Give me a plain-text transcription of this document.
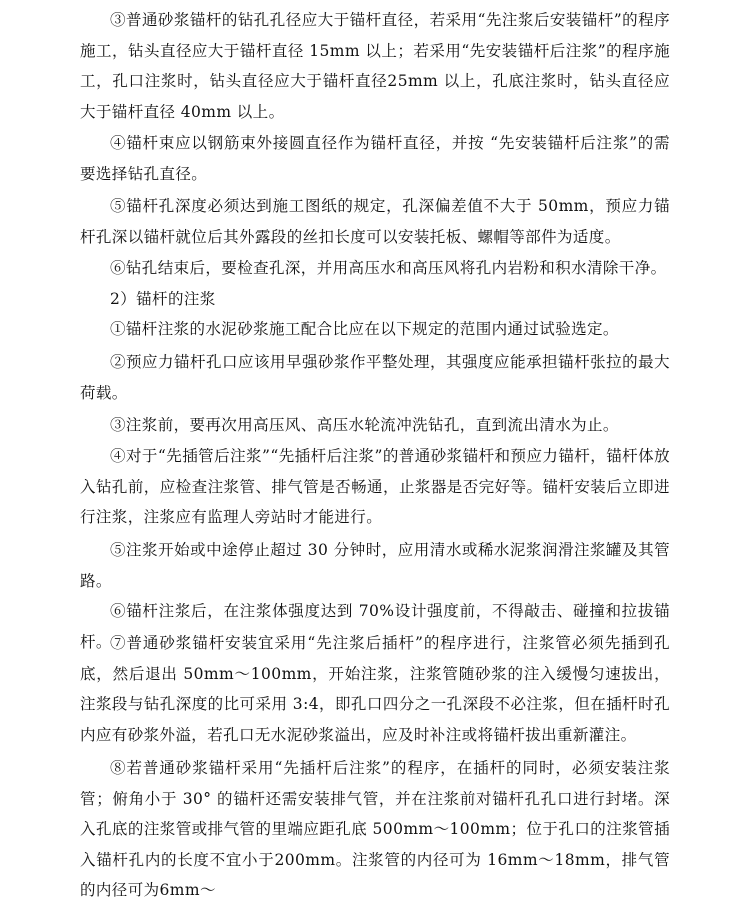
③普通砂浆锚杆的钻孔孔径应大于锚杆直径，若采用“先注浆后安装锚杆”的程序施工，钻头直径应大于锚杆直径 15mm 以上；若采用“先安装锚杆后注浆”的程序施工，孔口注浆时，钻头直径应大于锚杆直径25mm 以上，孔底注浆时，钻头直径应大于锚杆直径 40mm 以上。

④锚杆束应以钢筋束外接圆直径作为锚杆直径，并按 “先安装锚杆后注浆”的需要选择钻孔直径。

⑤锚杆孔深度必须达到施工图纸的规定，孔深偏差值不大于 50mm，预应力锚杆孔深以锚杆就位后其外露段的丝扣长度可以安装托板、螺帽等部件为适度。

⑥钻孔结束后，要检查孔深，并用高压水和高压风将孔内岩粉和积水清除干净。

2）锚杆的注浆

①锚杆注浆的水泥砂浆施工配合比应在以下规定的范围内通过试验选定。

②预应力锚杆孔口应该用早强砂浆作平整处理，其强度应能承担锚杆张拉的最大荷载。

③注浆前，要再次用高压风、高压水轮流冲洗钻孔，直到流出清水为止。

④对于“先插管后注浆”“先插杆后注浆”的普通砂浆锚杆和预应力锚杆，锚杆体放入钻孔前，应检查注浆管、排气管是否畅通，止浆器是否完好等。锚杆安装后立即进行注浆，注浆应有监理人旁站时才能进行。

⑤注浆开始或中途停止超过 30 分钟时，应用清水或稀水泥浆润滑注浆罐及其管路。

⑥锚杆注浆后，在注浆体强度达到 70%设计强度前，不得敲击、碰撞和拉拔锚杆。

⑦普通砂浆锚杆安装宜采用“先注浆后插杆”的程序进行，注浆管必须先插到孔底，然后退出 50mm～100mm，开始注浆，注浆管随砂浆的注入缓慢匀速拔出，注浆段与钻孔深度的比可采用 3:4，即孔口四分之一孔深段不必注浆，但在插杆时孔内应有砂浆外溢，若孔口无水泥砂浆溢出，应及时补注或将锚杆拔出重新灌注。

⑧若普通砂浆锚杆采用“先插杆后注浆”的程序，在插杆的同时，必须安装注浆管；俯角小于 30° 的锚杆还需安装排气管，并在注浆前对锚杆孔孔口进行封堵。深入孔底的注浆管或排气管的里端应距孔底 500mm～100mm；位于孔口的注浆管插入锚杆孔内的长度不宜小于200mm。注浆管的内径可为 16mm～18mm，排气管的内径可为6mm～
